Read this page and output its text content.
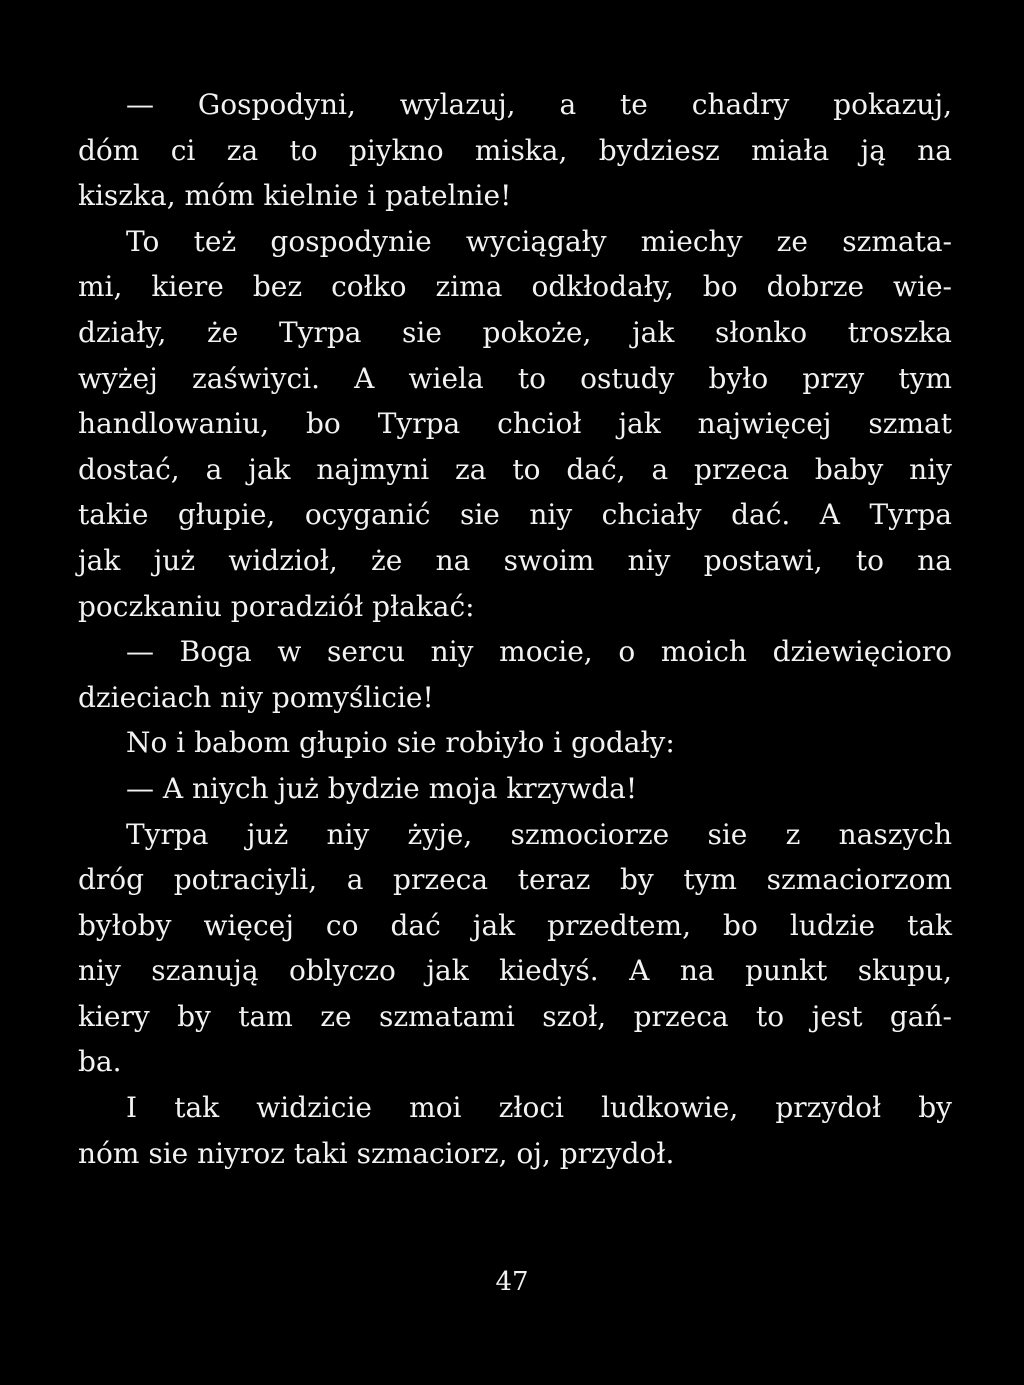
— Gospodyni, wylazuj, a te chadry pokazuj,
dóm ci za to piykno miska, bydziesz miała ją na
kiszka, móm kielnie i patelnie!
To też gospodynie wyciągały miechy ze szmata-
mi, kiere bez cołko zima odkłodały, bo dobrze wie-
działy, że Tyrpa sie pokoże, jak słonko troszka
wyżej zaświyci. A wiela to ostudy było przy tym
handlowaniu, bo Tyrpa chcioł jak najwięcej szmat
dostać, a jak najmyni za to dać, a przeca baby niy
takie głupie, ocyganić sie niy chciały dać. A Tyrpa
jak już widzioł, że na swoim niy postawi, to na
poczkaniu poradziół płakać:
— Boga w sercu niy mocie, o moich dziewięcioro
dzieciach niy pomyślicie!
No i babom głupio sie robiyło i godały:
— A niych już bydzie moja krzywda!
Tyrpa już niy żyje, szmociorze sie z naszych
dróg potraciyli, a przeca teraz by tym szmaciorzom
byłoby więcej co dać jak przedtem, bo ludzie tak
niy szanują oblyczo jak kiedyś. A na punkt skupu,
kiery by tam ze szmatami szoł, przeca to jest gań-
ba.
I tak widzicie moi złoci ludkowie, przydoł by
nóm sie niyroz taki szmaciorz, oj, przydoł.
47
